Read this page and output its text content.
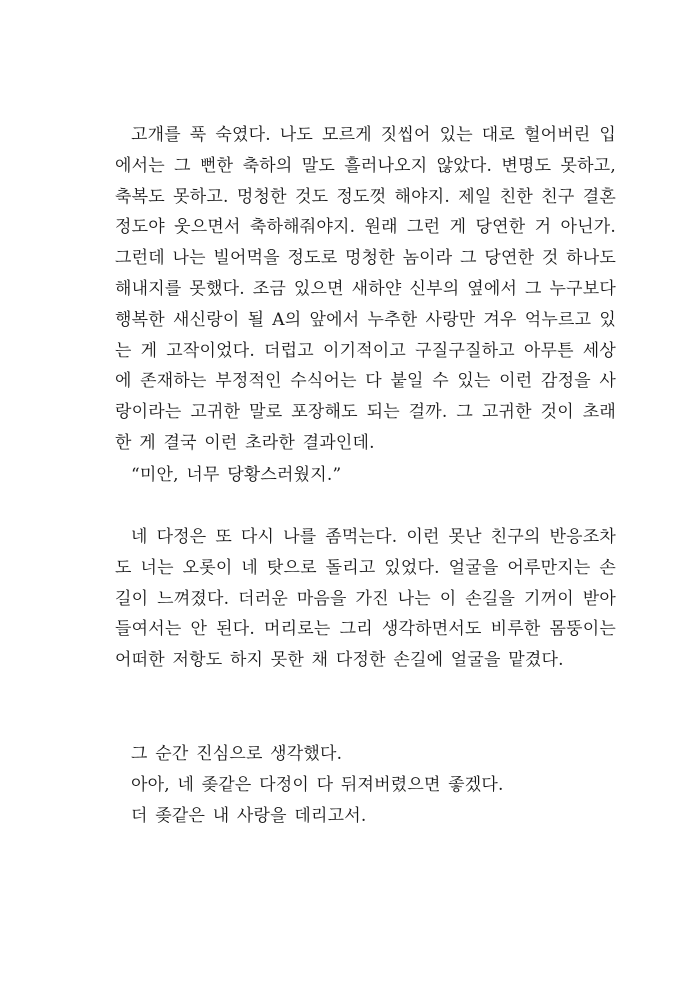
고개를 푹 숙였다. 나도 모르게 짓씹어 있는 대로 헐어버린 입에서는 그 뻔한 축하의 말도 흘러나오지 않았다. 변명도 못하고, 축복도 못하고. 멍청한 것도 정도껏 해야지. 제일 친한 친구 결혼 정도야 웃으면서 축하해줘야지. 원래 그런 게 당연한 거 아닌가. 그런데 나는 빌어먹을 정도로 멍청한 놈이라 그 당연한 것 하나도 해내지를 못했다. 조금 있으면 새하얀 신부의 옆에서 그 누구보다 행복한 새신랑이 될 A의 앞에서 누추한 사랑만 겨우 억누르고 있는 게 고작이었다. 더럽고 이기적이고 구질구질하고 아무튼 세상에 존재하는 부정적인 수식어는 다 붙일 수 있는 이런 감정을 사랑이라는 고귀한 말로 포장해도 되는 걸까. 그 고귀한 것이 초래한 게 결국 이런 초라한 결과인데.

“미안, 너무 당황스러웠지.”

네 다정은 또 다시 나를 좀먹는다. 이런 못난 친구의 반응조차도 너는 오롯이 네 탓으로 돌리고 있었다. 얼굴을 어루만지는 손길이 느껴졌다. 더러운 마음을 가진 나는 이 손길을 기꺼이 받아들여서는 안 된다. 머리로는 그리 생각하면서도 비루한 몸뚱이는 어떠한 저항도 하지 못한 채 다정한 손길에 얼굴을 맡겼다.

그 순간 진심으로 생각했다.
아아, 네 좆같은 다정이 다 뒤져버렸으면 좋겠다.
더 좆같은 내 사랑을 데리고서.
